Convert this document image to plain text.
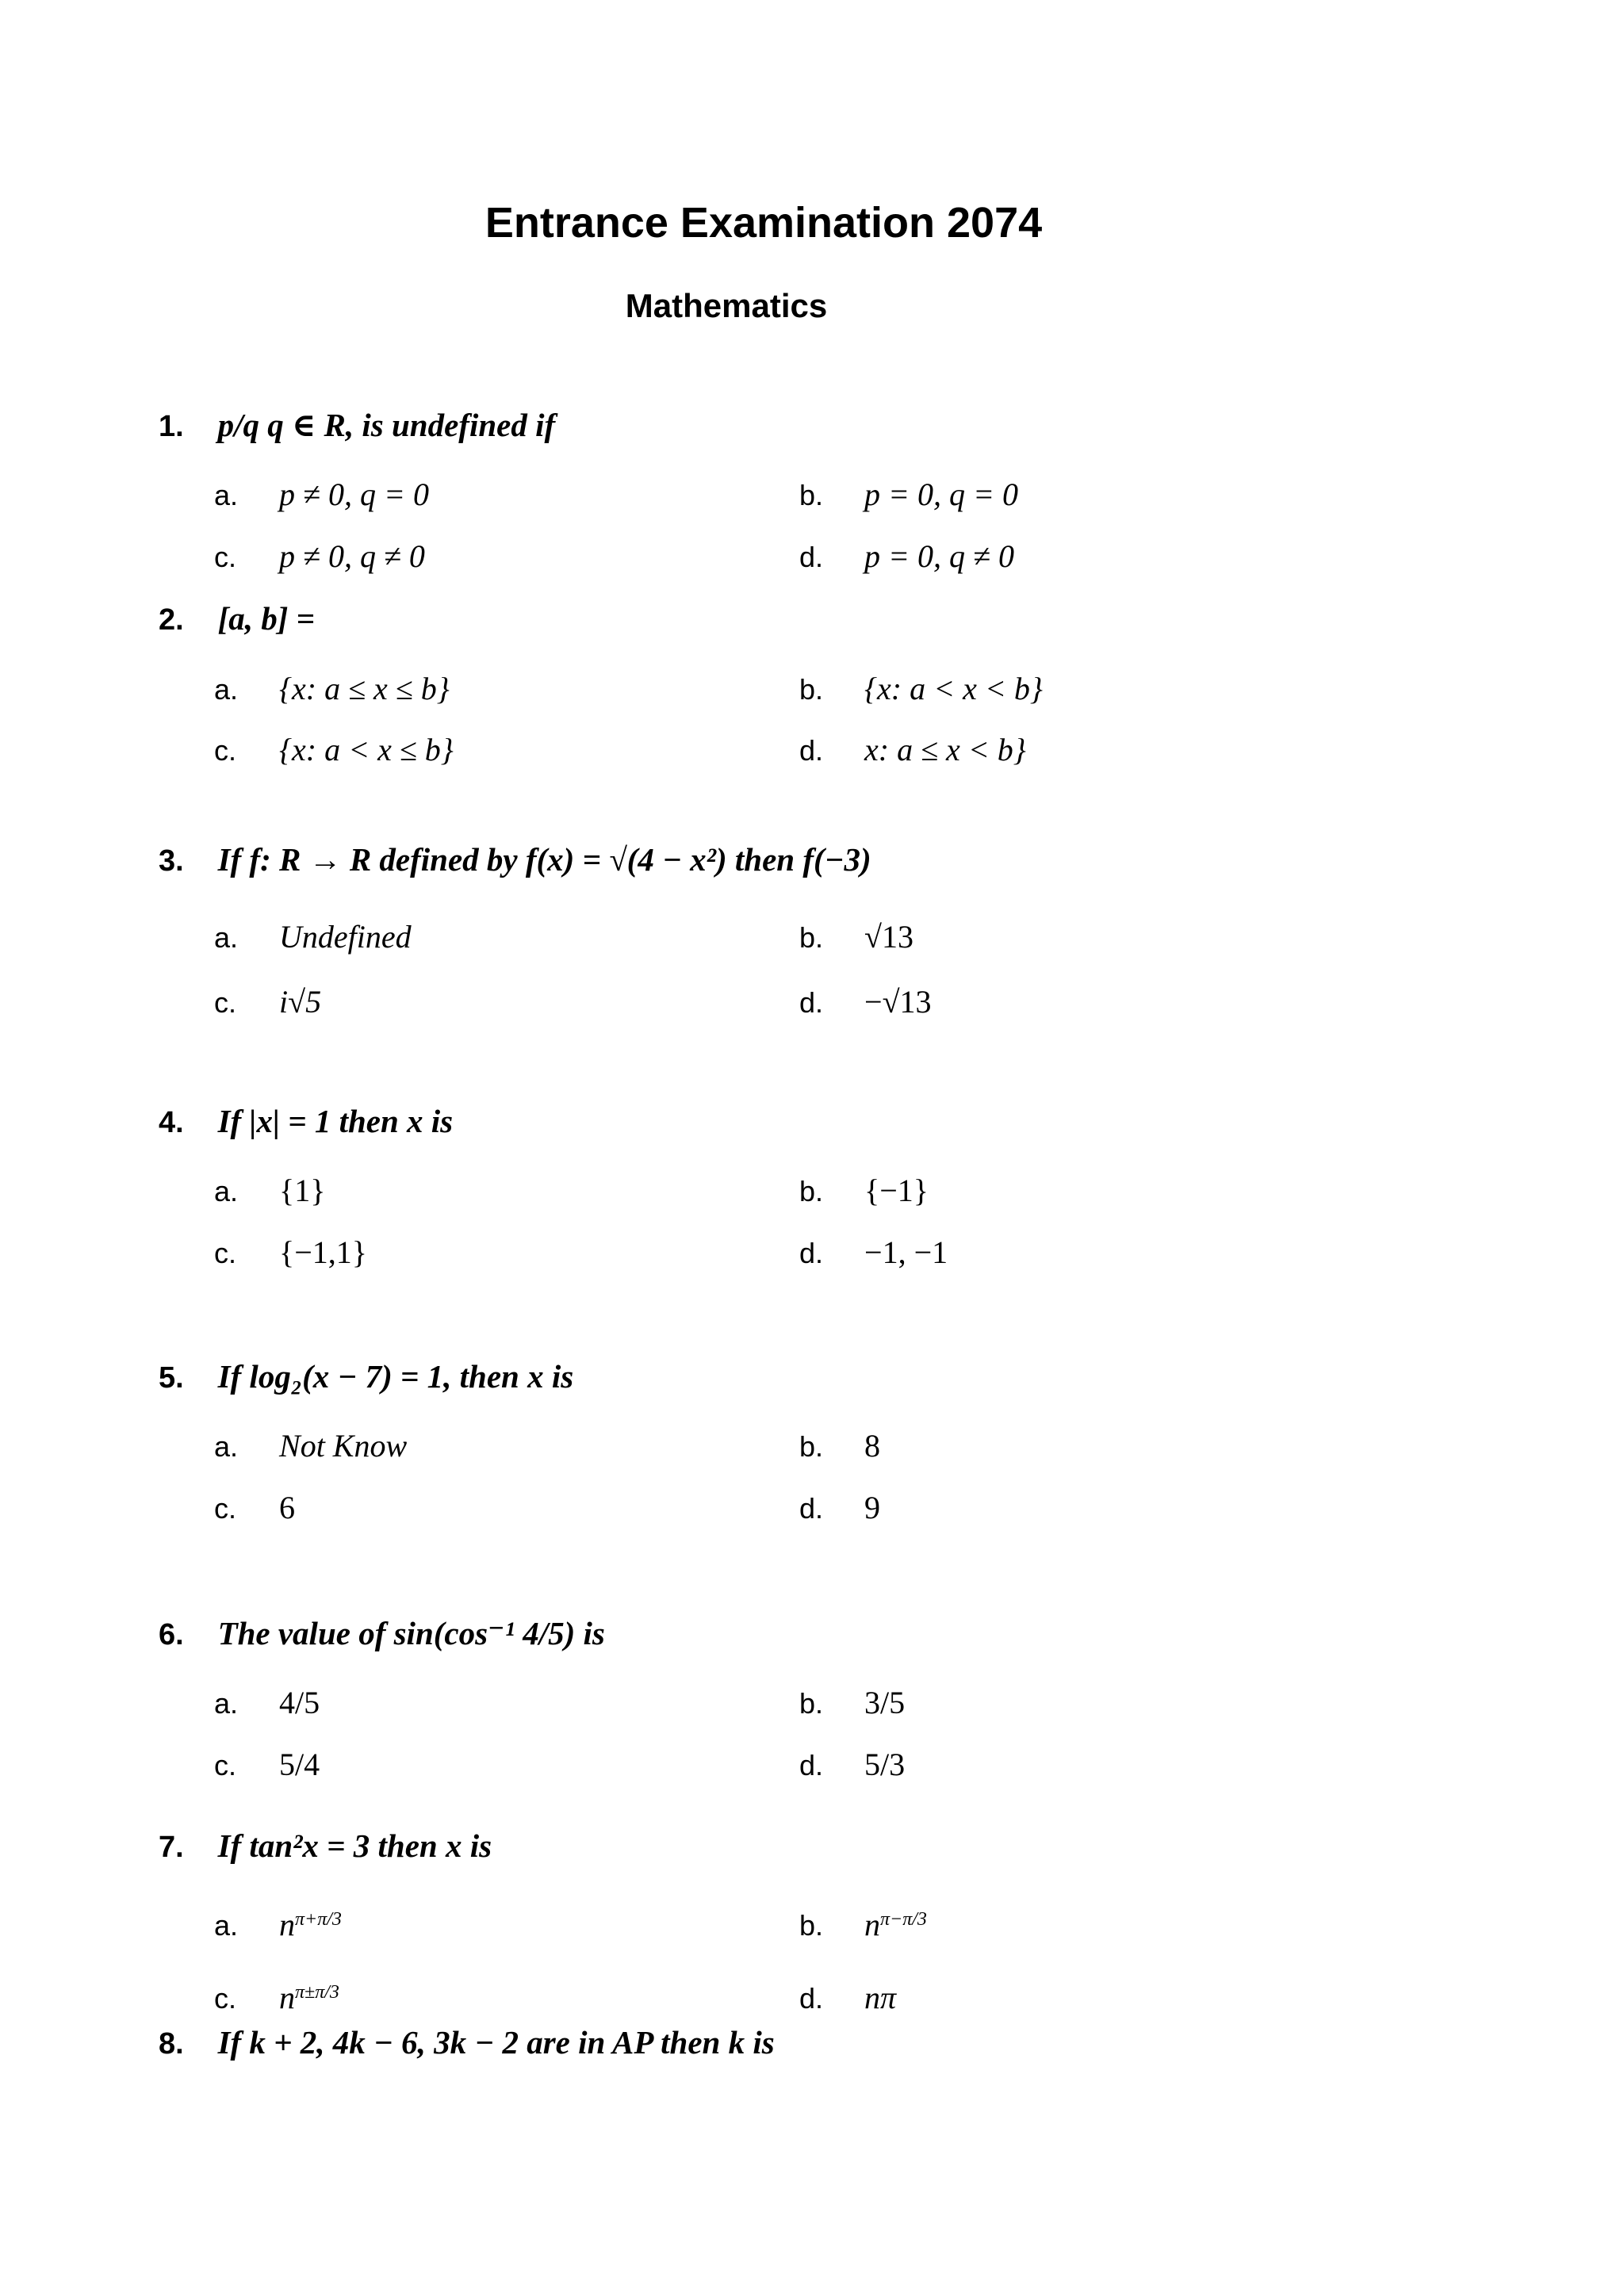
Entrance Examination 2074
Mathematics
1. p/q q ∈ R, is undefined if
a. p ≠ 0, q = 0	b. p = 0, q = 0
c. p ≠ 0, q ≠ 0	d. p = 0, q ≠ 0
2. [a, b] =
a. {x: a ≤ x ≤ b}	b. {x: a < x < b}
c. {x: a < x ≤ b}	d. x: a ≤ x < b}
3. If f: R → R defined by f(x) = √(4 − x²) then f(−3)
a. Undefined	b. √13
c. i√5	d. −√13
4. If |x| = 1 then x is
a. {1}	b. {−1}
c. {−1,1}	d. −1, −1
5. If log₂(x − 7) = 1, then x is
a. Not Know	b. 8
c. 6	d. 9
6. The value of sin(cos⁻¹ 4/5) is
a. 4/5	b. 3/5
c. 5/4	d. 5/3
7. If tan²x = 3 then x is
a. $n^{\pi+\pi/3}$	b. $n^{\pi-\pi/3}$
c. $n^{\pi\pm\pi/3}$	d. nπ
8. If k + 2, 4k − 6, 3k − 2 are in AP then k is
